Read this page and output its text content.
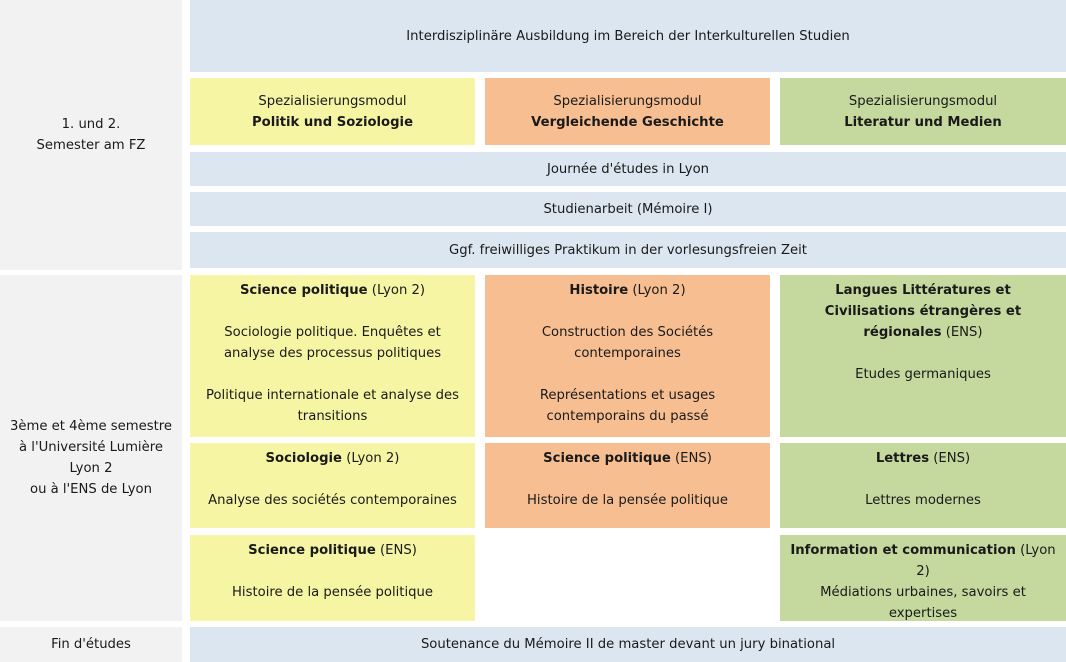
1. und 2.
Semester am FZ
3ème et 4ème semestre
à l'Université Lumière
Lyon 2
ou à l'ENS de Lyon
Fin d'études
Interdisziplinäre Ausbildung im Bereich der Interkulturellen Studien
Spezialisierungsmodul
Politik und Soziologie
Spezialisierungsmodul
Vergleichende Geschichte
Spezialisierungsmodul
Literatur und Medien
Journée d'études in Lyon
Studienarbeit (Mémoire I)
Ggf. freiwilliges Praktikum in der vorlesungsfreien Zeit
Science politique (Lyon 2)
Sociologie politique. Enquêtes et analyse des processus politiques
Politique internationale et analyse des transitions
Histoire (Lyon 2)
Construction des Sociétés contemporaines
Représentations et usages contemporains du passé
Langues Littératures et Civilisations étrangères et régionales (ENS)
Etudes germaniques
Sociologie (Lyon 2)
Analyse des sociétés contemporaines
Science politique (ENS)
Histoire de la pensée politique
Lettres (ENS)
Lettres modernes
Science politique (ENS)
Histoire de la pensée politique
Information et communication (Lyon 2)
Médiations urbaines, savoirs et expertises
Soutenance du Mémoire II de master devant un jury binational
